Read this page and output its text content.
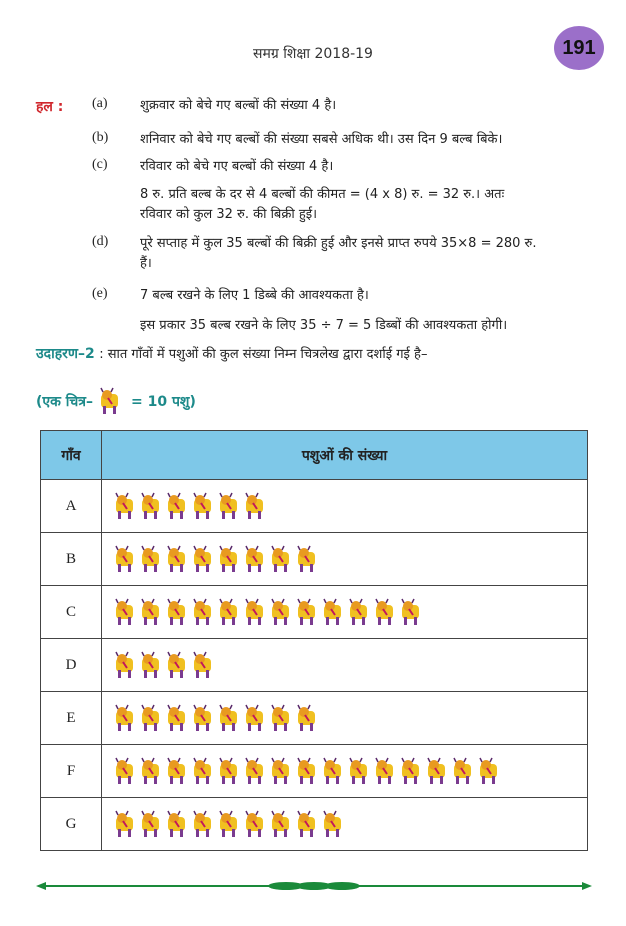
समग्र शिक्षा 2018-19	191
हल : (a) शुक्रवार को बेचे गए बल्बों की संख्या 4 है।
(b) शनिवार को बेचे गए बल्बों की संख्या सबसे अधिक थी। उस दिन 9 बल्ब बिके।
(c) रविवार को बेचे गए बल्बों की संख्या 4 है।
8 रु. प्रति बल्ब के दर से 4 बल्बों की कीमत = (4 x 8) रु. = 32 रु.। अतः
रविवार को कुल 32 रु. की बिक्री हुई।
(d) पूरे सप्ताह में कुल 35 बल्बों की बिक्री हुई और इनसे प्राप्त रुपये 35×8 = 280 रु.
हैं।
(e) 7 बल्ब रखने के लिए 1 डिब्बे की आवश्यकता है।
इस प्रकार 35 बल्ब रखने के लिए 35 ÷ 7 = 5 डिब्बों की आवश्यकता होगी।
उदाहरण–2 : सात गाँवों में पशुओं की कुल संख्या निम्न चित्रलेख द्वारा दर्शाई गई है–
(एक चित्र–	= 10 पशु)
गाँव	पशुओं की संख्या
A	
B	
C	
D	
E	
F	
G	
